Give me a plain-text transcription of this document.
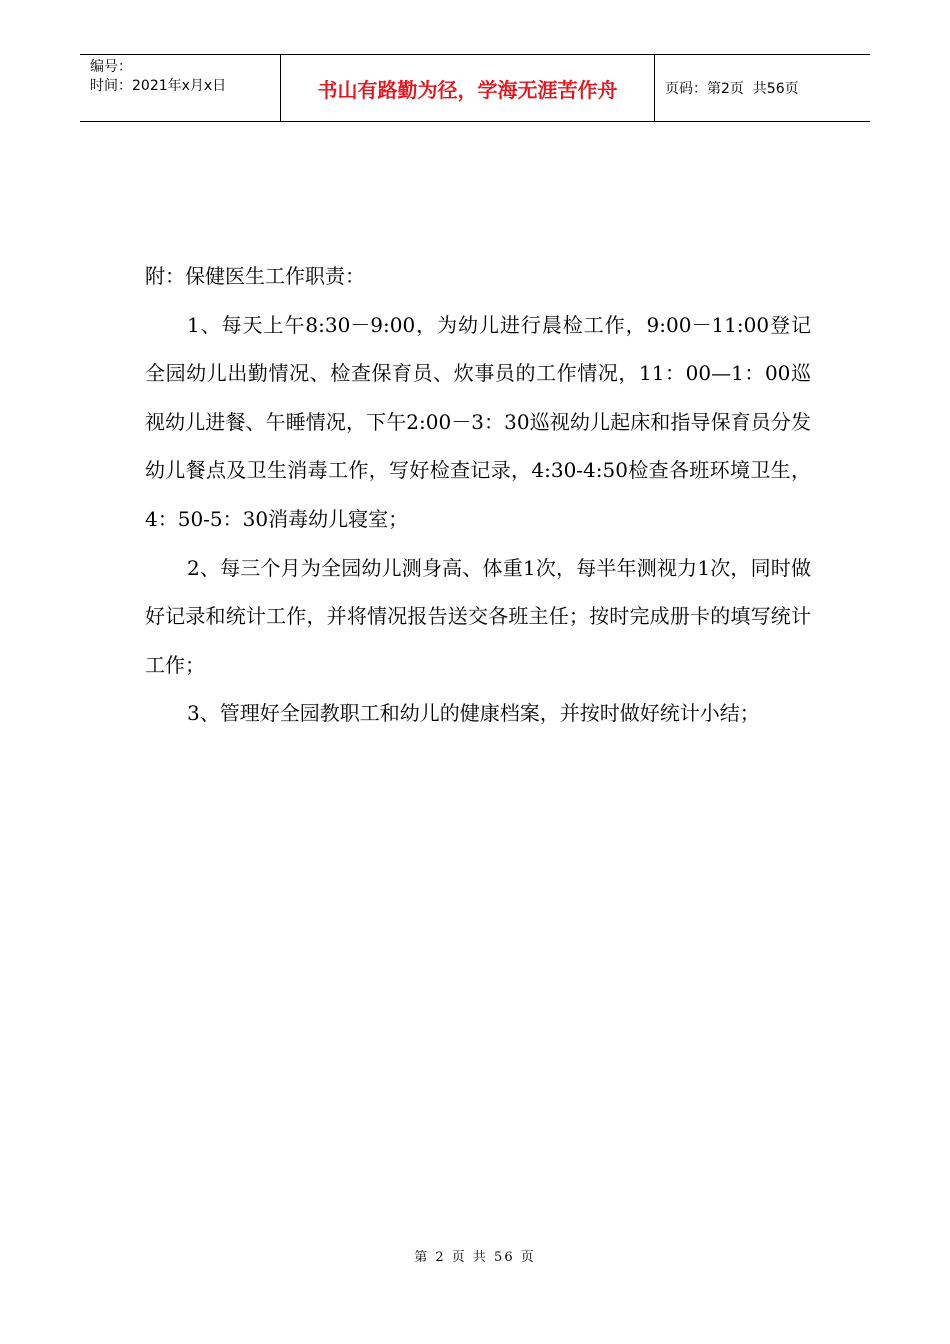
编号：
时间：2021年x月x日	书山有路勤为径，学海无涯苦作舟	页码：第2页  共56页

附：保健医生工作职责：

1、每天上午8:30－9:00，为幼儿进行晨检工作，9:00－11:00登记全园幼儿出勤情况、检查保育员、炊事员的工作情况，11：00—1：00巡视幼儿进餐、午睡情况，下午2:00－3：30巡视幼儿起床和指导保育员分发幼儿餐点及卫生消毒工作，写好检查记录，4:30-4:50检查各班环境卫生，4：50-5：30消毒幼儿寝室；

2、每三个月为全园幼儿测身高、体重1次，每半年测视力1次，同时做好记录和统计工作，并将情况报告送交各班主任；按时完成册卡的填写统计工作；

3、管理好全园教职工和幼儿的健康档案，并按时做好统计小结；

第 2 页 共 56 页
